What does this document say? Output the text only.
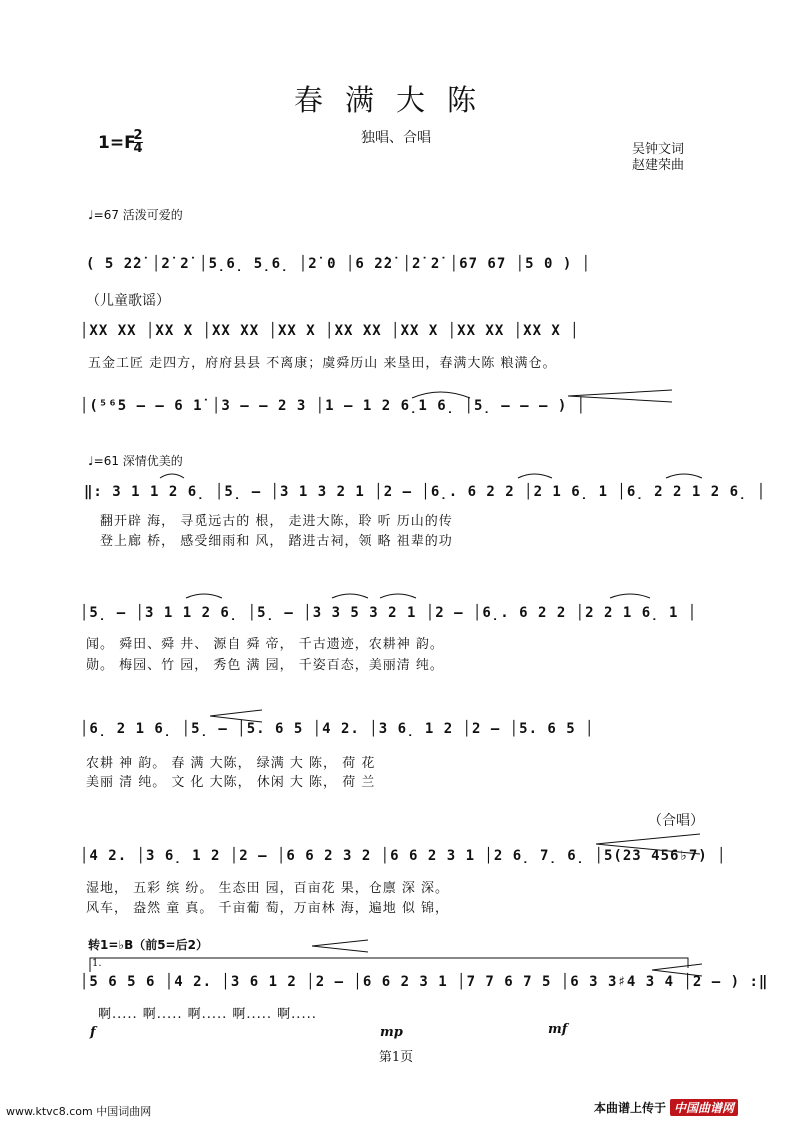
春满大陈
独唱、合唱
1=F
2
4	吴钟文词
赵建荣曲
♩=67 活泼可爱的
( 5 2̇2̇ │2̇ 2̇ │5̣6̣ 5̣6̣ │2̇ 0 │6 2̇2̇ │2̇ 2̇ │67 67 │5 0 ) │
（儿童歌谣）
│XX XX │XX X │XX XX │XX X │XX XX │XX X │XX XX │XX X │
五金工匠 走四方，府府县县 不离康；虞舜历山 来垦田，春满大陈 粮满仓。
│(⁵⁶5 – – 6 1̇ │3 – – 2 3 │1 – 1 2 6̣1 6̣ │5̣ – – – ) │
♩=61 深情优美的
‖: 3 1 1 2 6̣ │5̣ – │3 1 3 2 1 │2 – │6̣. 6 2 2 │2 1 6̣ 1 │6̣ 2 2 1 2 6̣ │
翻开辟 海， 寻觅远古的 根， 走进大陈，聆 听 历山的传
登上廊 桥， 感受细雨和 风， 踏进古祠，领 略 祖辈的功
│5̣ – │3 1 1 2 6̣ │5̣ – │3 3 5 3 2 1 │2 – │6̣. 6 2 2 │2 2 1 6̣ 1 │
闻。 舜田、舜 井、 源自 舜 帝， 千古遗迹，农耕神 韵。
勋。 梅园、竹 园， 秀色 满 园， 千姿百态，美丽清 纯。
│6̣ 2 1 6̣ │5̣ – │5. 6 5 │4 2. │3 6̣ 1 2 │2 – │5. 6 5 │
农耕 神 韵。 春 满 大陈， 绿满 大 陈， 荷 花
美丽 清 纯。 文 化 大陈， 休闲 大 陈， 荷 兰
（合唱）
│4 2. │3 6̣ 1 2 │2 – │6 6 2 3 2 │6 6 2 3 1 │2 6̣ 7̣ 6̣ │5(23 456♭7) │
湿地， 五彩 缤 纷。 生态田 园，百亩花 果，仓廪 深 深。
风车， 盎然 童 真。 千亩葡 萄，万亩林 海，遍地 似 锦，
转1=♭B（前5=后2）
1.
│5 6 5 6 │4 2. │3 6 1 2 │2 – │6 6 2 3 1 │7 7 6 7 5 │6 3 3♯4 3 4 │2 – ) :‖
啊..... 啊..... 啊..... 啊..... 啊.....
f	mp	mf
第1页
www.ktvc8.com 中国词曲网	本曲谱上传于 中国曲谱网
